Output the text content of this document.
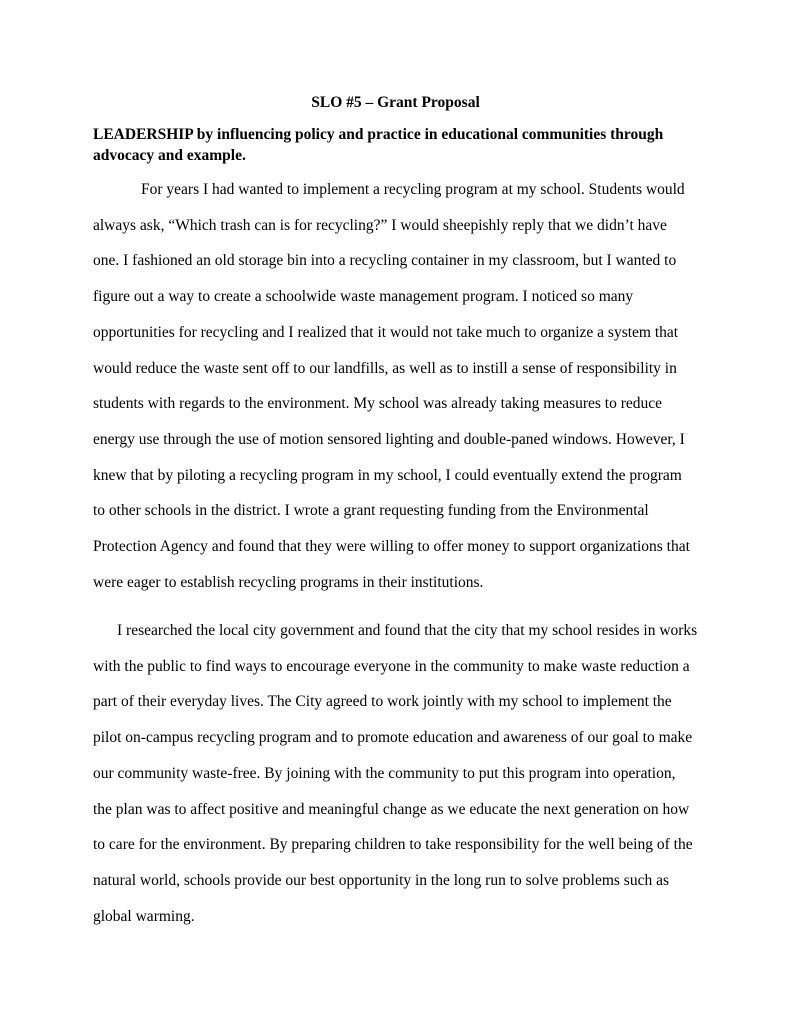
SLO #5 – Grant Proposal
LEADERSHIP by influencing policy and practice in educational communities through
advocacy and example.

For years I had wanted to implement a recycling program at my school. Students would
always ask, “Which trash can is for recycling?” I would sheepishly reply that we didn’t have
one. I fashioned an old storage bin into a recycling container in my classroom, but I wanted to
figure out a way to create a schoolwide waste management program. I noticed so many
opportunities for recycling and I realized that it would not take much to organize a system that
would reduce the waste sent off to our landfills, as well as to instill a sense of responsibility in
students with regards to the environment. My school was already taking measures to reduce
energy use through the use of motion sensored lighting and double-paned windows. However, I
knew that by piloting a recycling program in my school, I could eventually extend the program
to other schools in the district. I wrote a grant requesting funding from the Environmental
Protection Agency and found that they were willing to offer money to support organizations that
were eager to establish recycling programs in their institutions.

I researched the local city government and found that the city that my school resides in works
with the public to find ways to encourage everyone in the community to make waste reduction a
part of their everyday lives. The City agreed to work jointly with my school to implement the
pilot on-campus recycling program and to promote education and awareness of our goal to make
our community waste-free. By joining with the community to put this program into operation,
the plan was to affect positive and meaningful change as we educate the next generation on how
to care for the environment. By preparing children to take responsibility for the well being of the
natural world, schools provide our best opportunity in the long run to solve problems such as
global warming.
